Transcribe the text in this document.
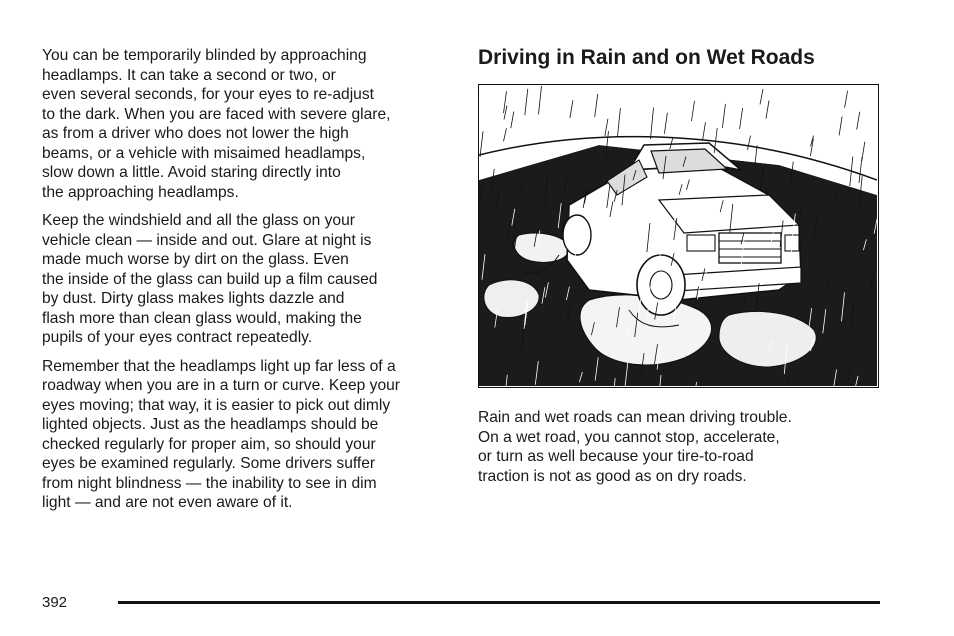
You can be temporarily blinded by approaching
headlamps. It can take a second or two, or
even several seconds, for your eyes to re-adjust
to the dark. When you are faced with severe glare,
as from a driver who does not lower the high
beams, or a vehicle with misaimed headlamps,
slow down a little. Avoid staring directly into
the approaching headlamps.

Keep the windshield and all the glass on your
vehicle clean — inside and out. Glare at night is
made much worse by dirt on the glass. Even
the inside of the glass can build up a film caused
by dust. Dirty glass makes lights dazzle and
flash more than clean glass would, making the
pupils of your eyes contract repeatedly.

Remember that the headlamps light up far less of a
roadway when you are in a turn or curve. Keep your
eyes moving; that way, it is easier to pick out dimly
lighted objects. Just as the headlamps should be
checked regularly for proper aim, so should your
eyes be examined regularly. Some drivers suffer
from night blindness — the inability to see in dim
light — and are not even aware of it.

Driving in Rain and on Wet Roads

Rain and wet roads can mean driving trouble.
On a wet road, you cannot stop, accelerate,
or turn as well because your tire-to-road
traction is not as good as on dry roads.

392
